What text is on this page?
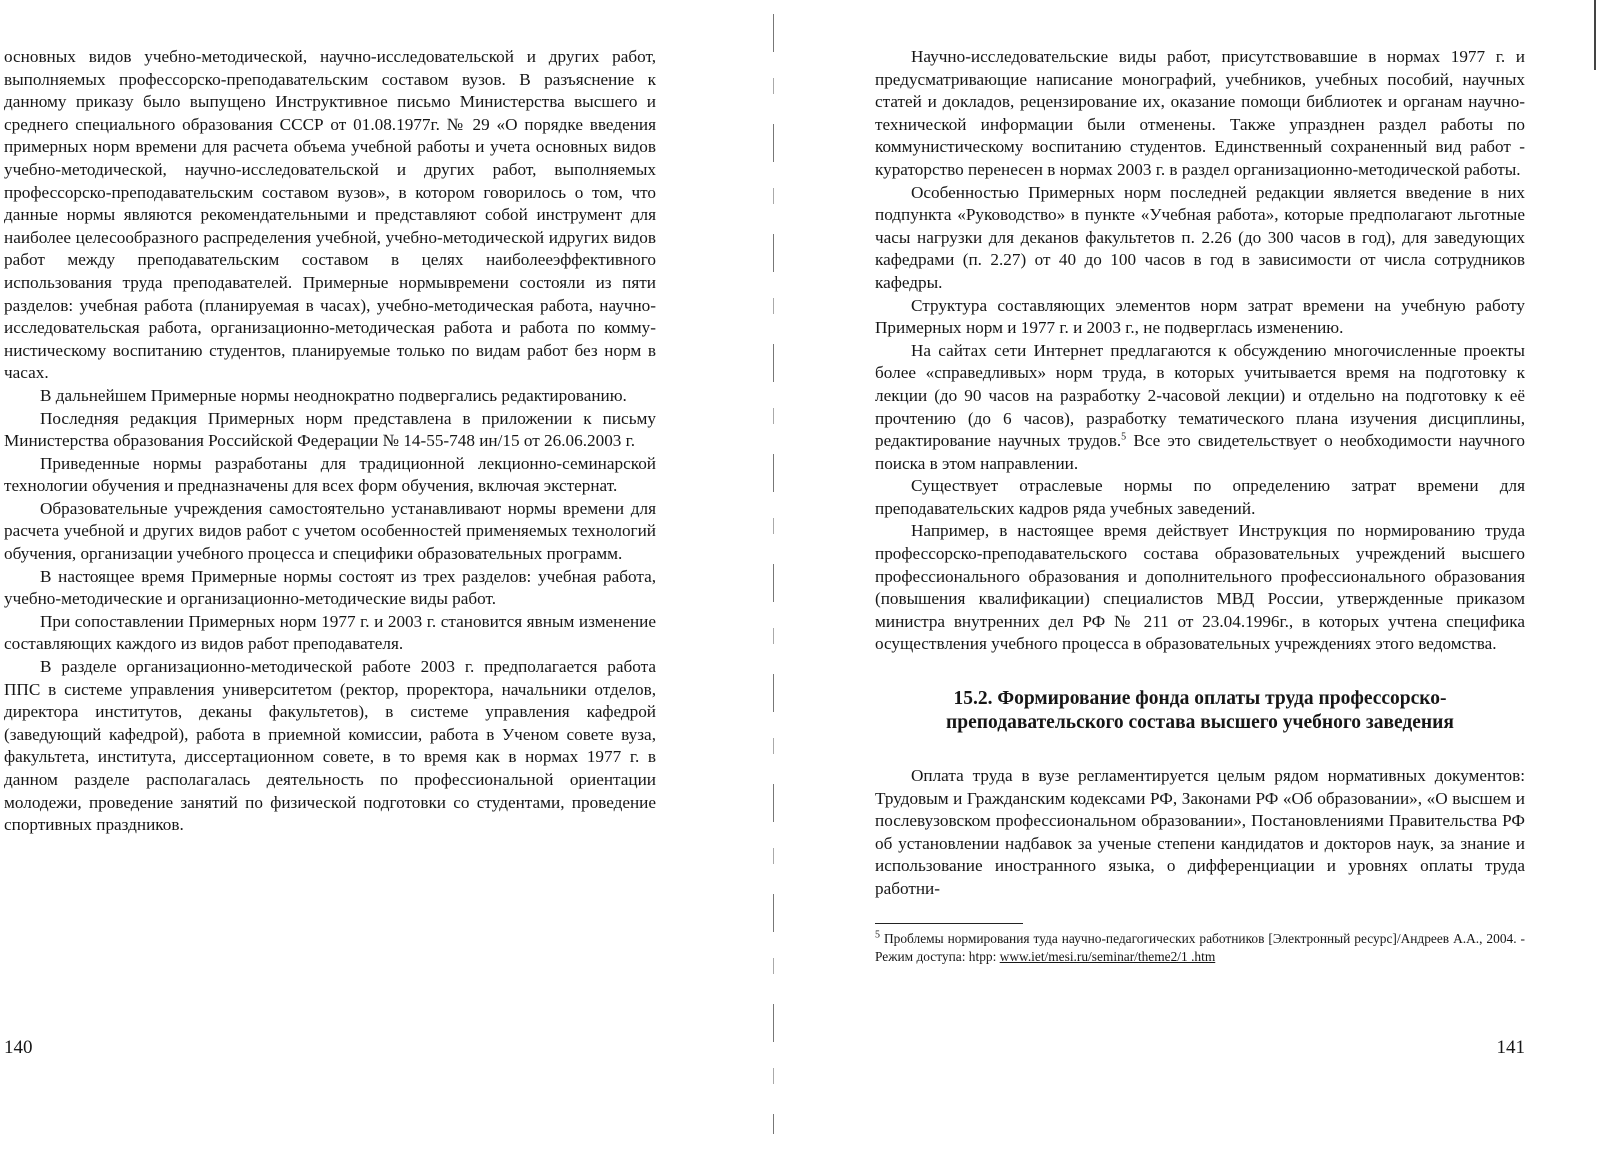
основных видов учебно-методической, научно-исследовательской и других работ, выполняемых профессорско-преподавательским составом вузов. В разъяснение к данному приказу было выпущено Инструктивное письмо Министерства высшего и среднего специального образования СССР от 01.08.1977г. № 29 «О порядке введения примерных норм времени для расчета объема учебной работы и учета основных видов учебно-методической, научно-исследовательской и других работ, выполняемых профессорско-преподавательским составом вузов», в котором говорилось о том, что данные нормы являются рекомендательными и представляют собой инструмент для наиболее целесообразного распределения учебной, учебно-методической идругих видов работ между преподавательским составом в целях наиболееэффективного использования труда преподавателей. Примерные нормывремени состояли из пяти разделов: учебная работа (планируемая в часах), учебно-методическая работа, научно-исследовательская работа, организационно-методическая работа и работа по коммунистическому воспитанию студентов, планируемые только по видам работ без норм в часах.

В дальнейшем Примерные нормы неоднократно подвергались редактированию.

Последняя редакция Примерных норм представлена в приложении к письму Министерства образования Российской Федерации № 14-55-748 ин/15 от 26.06.2003 г.

Приведенные нормы разработаны для традиционной лекционно-семинарской технологии обучения и предназначены для всех форм обучения, включая экстернат.

Образовательные учреждения самостоятельно устанавливают нормы времени для расчета учебной и других видов работ с учетом особенностей применяемых технологий обучения, организации учебного процесса и специфики образовательных программ.

В настоящее время Примерные нормы состоят из трех разделов: учебная работа, учебно-методические и организационно-методические виды работ.

При сопоставлении Примерных норм 1977 г. и 2003 г. становится явным изменение составляющих каждого из видов работ преподавателя.

В разделе организационно-методической работе 2003 г. предполагается работа ППС в системе управления университетом (ректор, проректора, начальники отделов, директора институтов, деканы факультетов), в системе управления кафедрой (заведующий кафедрой), работа в приемной комиссии, работа в Ученом совете вуза, факультета, института, диссертационном совете, в то время как в нормах 1977 г. в данном разделе располагалась деятельность по профессиональной ориентации молодежи, проведение занятий по физической подготовки со студентами, проведение спортивных праздников.

140

Научно-исследовательские виды работ, присутствовавшие в нормах 1977 г. и предусматривающие написание монографий, учебников, учебных пособий, научных статей и докладов, рецензирование их, оказание помощи библиотек и органам научно-технической информации были отменены. Также упразднен раздел работы по коммунистическому воспитанию студентов. Единственный сохраненный вид работ - кураторство перенесен в нормах 2003 г. в раздел организационно-методической работы.

Особенностью Примерных норм последней редакции является введение в них подпункта «Руководство» в пункте «Учебная работа», которые предполагают льготные часы нагрузки для деканов факультетов п. 2.26 (до 300 часов в год), для заведующих кафедрами (п. 2.27) от 40 до 100 часов в год в зависимости от числа сотрудников кафедры.

Структура составляющих элементов норм затрат времени на учебную работу Примерных норм и 1977 г. и 2003 г., не подверглась изменению.

На сайтах сети Интернет предлагаются к обсуждению многочисленные проекты более «справедливых» норм труда, в которых учитывается время на подготовку к лекции (до 90 часов на разработку 2-часовой лекции) и отдельно на подготовку к её прочтению (до 6 часов), разработку тематического плана изучения дисциплины, редактирование научных трудов.$^5$ Все это свидетельствует о необходимости научного поиска в этом направлении.

Существует отраслевые нормы по определению затрат времени для преподавательских кадров ряда учебных заведений.

Например, в настоящее время действует Инструкция по нормированию труда профессорско-преподавательского состава образовательных учреждений высшего профессионального образования и дополнительного профессионального образования (повышения квалификации) специалистов МВД России, утвержденные приказом министра внутренних дел РФ № 211 от 23.04.1996г., в которых учтена специфика осуществления учебного процесса в образовательных учреждениях этого ведомства.

15.2. Формирование фонда оплаты труда профессорско-
преподавательского состава высшего учебного заведения

Оплата труда в вузе регламентируется целым рядом нормативных документов: Трудовым и Гражданским кодексами РФ, Законами РФ «Об образовании», «О высшем и послевузовском профессиональном образовании», Постановлениями Правительства РФ об установлении надбавок за ученые степени кандидатов и докторов наук, за знание и использование иностранного языка, о дифференциации и уровнях оплаты труда работни-

$^5$ Проблемы нормирования туда научно-педагогических работников [Электронный ресурс]/Андреев А.А., 2004. - Режим доступа: htpp: www.iet/mesi.ru/seminar/theme2/1 .htm
141
